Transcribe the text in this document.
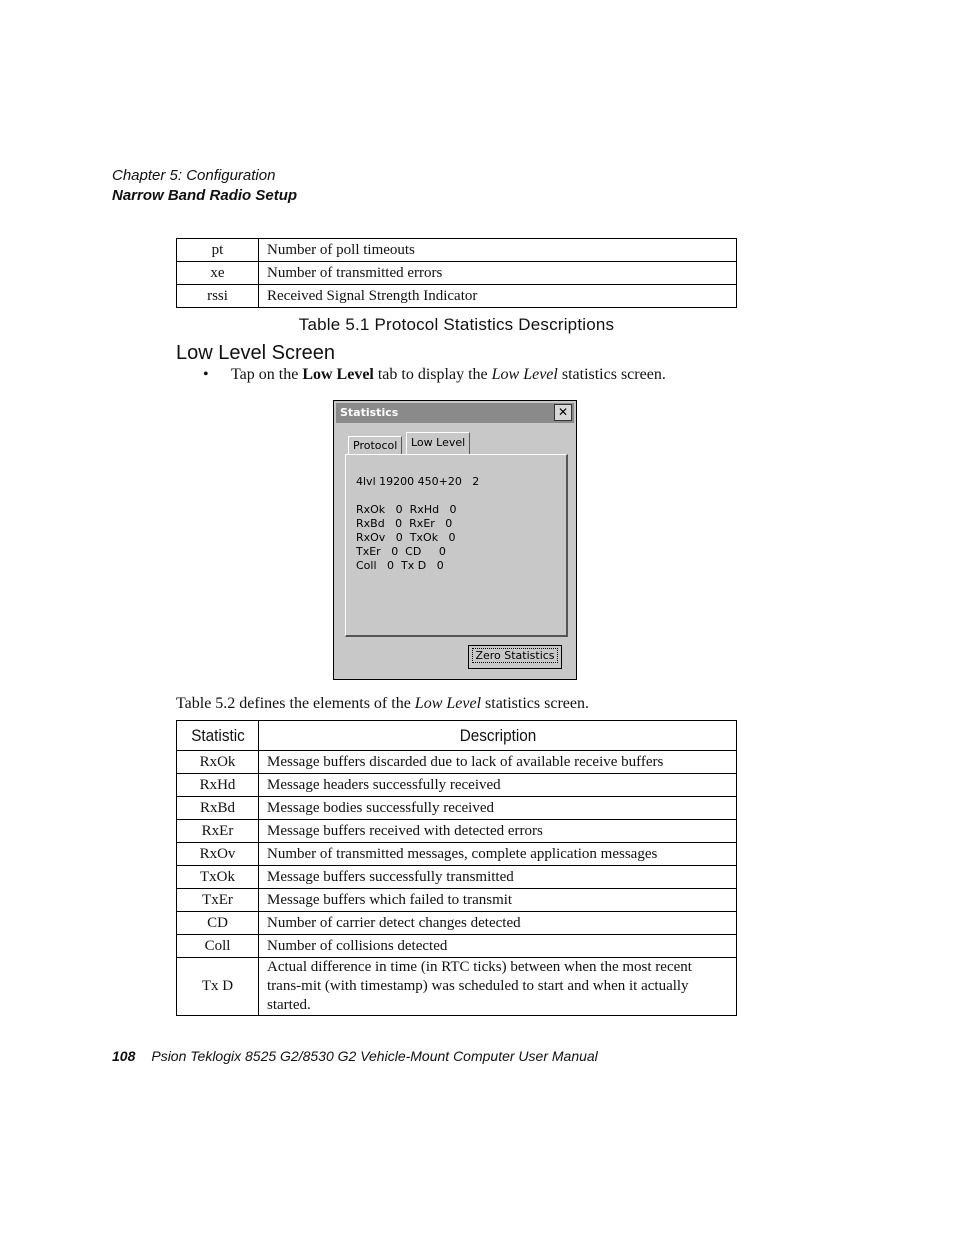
Chapter 5: Configuration
Narrow Band Radio Setup
pt	Number of poll timeouts
xe	Number of transmitted errors
rssi	Received Signal Strength Indicator
Table 5.1 Protocol Statistics Descriptions
Low Level Screen
• Tap on the Low Level tab to display the Low Level statistics screen.
Statistics	✕
Protocol	Low Level
4lvl 19200 450+20   2
RxOk   0  RxHd   0
RxBd   0  RxEr   0
RxOv   0  TxOk   0
TxEr   0  CD     0
Coll   0  Tx D   0
Zero Statistics
Table 5.2 defines the elements of the Low Level statistics screen.
Statistic	Description
RxOk	Message buffers discarded due to lack of available receive buffers
RxHd	Message headers successfully received
RxBd	Message bodies successfully received
RxEr	Message buffers received with detected errors
RxOv	Number of transmitted messages, complete application messages
TxOk	Message buffers successfully transmitted
TxEr	Message buffers which failed to transmit
CD	Number of carrier detect changes detected
Coll	Number of collisions detected
Tx D	Actual difference in time (in RTC ticks) between when the most recent trans-mit (with timestamp) was scheduled to start and when it actually started.
108 Psion Teklogix 8525 G2/8530 G2 Vehicle-Mount Computer User Manual
